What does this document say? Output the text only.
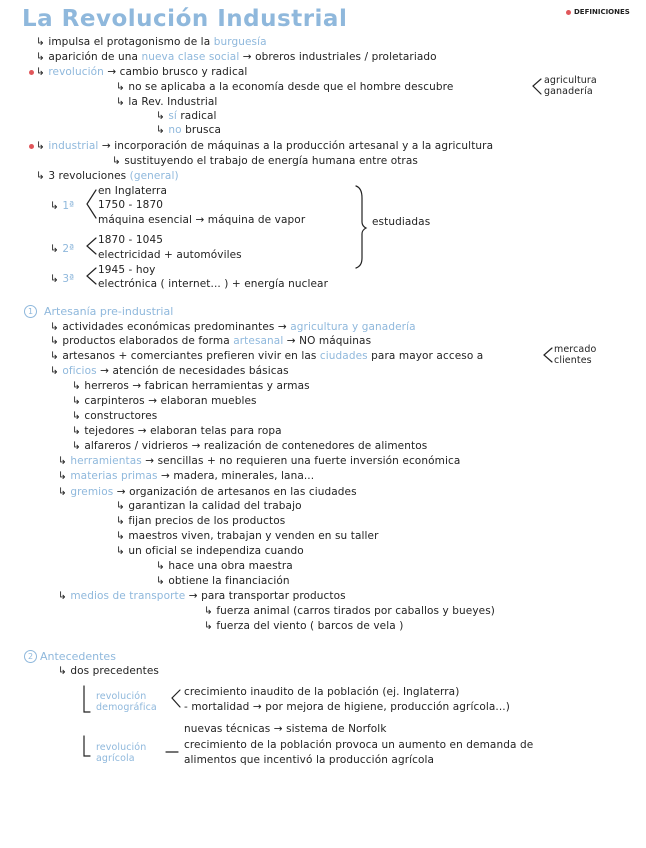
La Revolución Industrial	DEFINICIONES
↳ impulsa el protagonismo de la burguesía
↳ aparición de una nueva clase social → obreros industriales / proletariado
↳ revolución → cambio brusco y radical
↳ no se aplicaba a la economía desde que el hombre descubre
agricultura
ganadería
↳ la Rev. Industrial
↳ sí radical
↳ no brusca
↳ industrial → incorporación de máquinas a la producción artesanal y a la agricultura
↳ sustituyendo el trabajo de energía humana entre otras
↳ 3 revoluciones (general)
↳ 1ª
en Inglaterra
1750 - 1870
máquina esencial → máquina de vapor
↳ 2ª
1870 - 1045
electricidad + automóviles
↳ 3ª
1945 - hoy
electrónica ( internet... ) + energía nuclear
estudiadas
1 Artesanía pre-industrial
↳ actividades económicas predominantes → agricultura y ganadería
↳ productos elaborados de forma artesanal → NO máquinas
↳ artesanos + comerciantes prefieren vivir en las ciudades para mayor acceso a
mercado
clientes
↳ oficios → atención de necesidades básicas
↳ herreros → fabrican herramientas y armas
↳ carpinteros → elaboran muebles
↳ constructores
↳ tejedores → elaboran telas para ropa
↳ alfareros / vidrieros → realización de contenedores de alimentos
↳ herramientas → sencillas + no requieren una fuerte inversión económica
↳ materias primas → madera, minerales, lana...
↳ gremios → organización de artesanos en las ciudades
↳ garantizan la calidad del trabajo
↳ fijan precios de los productos
↳ maestros viven, trabajan y venden en su taller
↳ un oficial se independiza cuando
↳ hace una obra maestra
↳ obtiene la financiación
↳ medios de transporte → para transportar productos
↳ fuerza animal (carros tirados por caballos y bueyes)
↳ fuerza del viento ( barcos de vela )
2 Antecedentes
↳ dos precedentes
revolución
demográfica
crecimiento inaudito de la población (ej. Inglaterra)
- mortalidad → por mejora de higiene, producción agrícola...)
revolución
agrícola
nuevas técnicas → sistema de Norfolk
crecimiento de la población provoca un aumento en demanda de
alimentos que incentivó la producción agrícola
